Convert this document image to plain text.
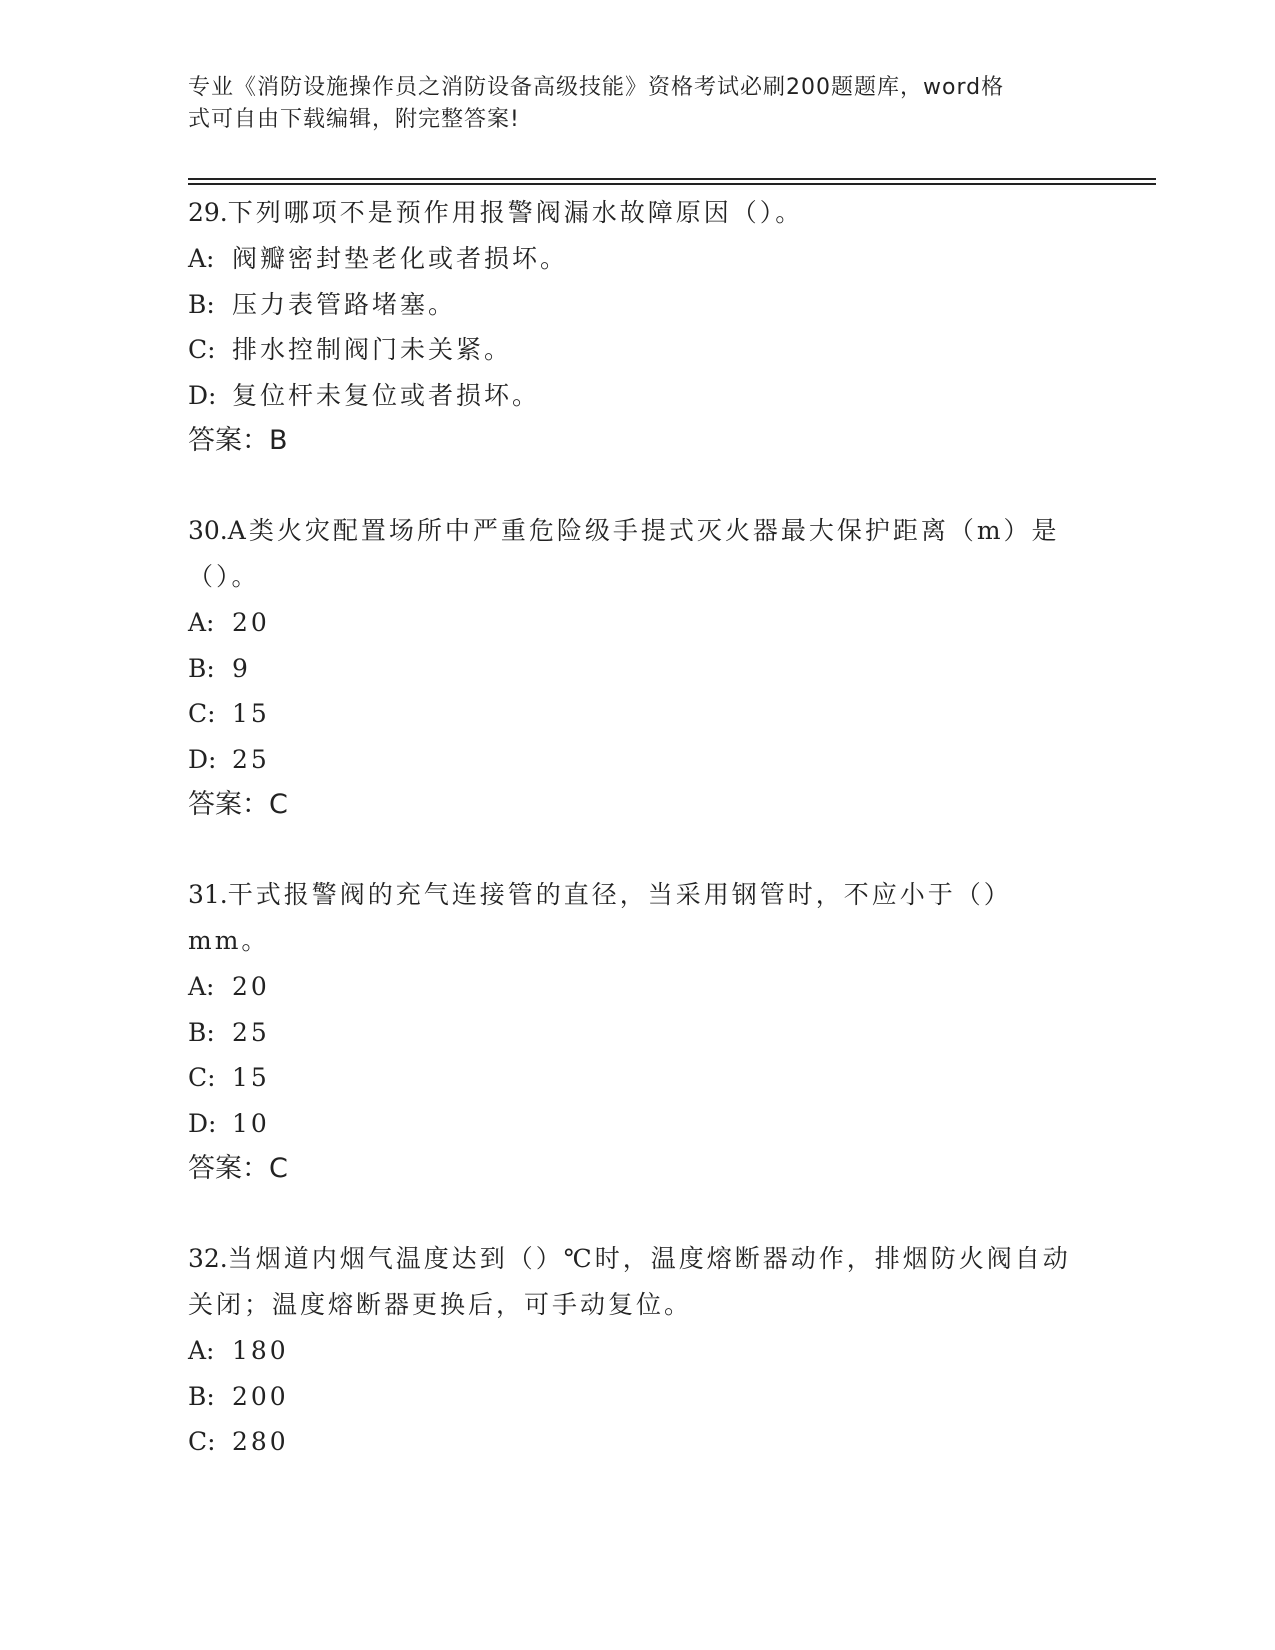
专业《消防设施操作员之消防设备高级技能》资格考试必刷200题题库，word格
式可自由下载编辑，附完整答案!
29.下列哪项不是预作用报警阀漏水故障原因（）。
A: 阀瓣密封垫老化或者损坏。
B: 压力表管路堵塞。
C: 排水控制阀门未关紧。
D: 复位杆未复位或者损坏。
答案：B
30.A类火灾配置场所中严重危险级手提式灭火器最大保护距离（m）是（）。
A: 20
B: 9
C: 15
D: 25
答案：C
31.干式报警阀的充气连接管的直径，当采用钢管时，不应小于（）mm。
A: 20
B: 25
C: 15
D: 10
答案：C
32.当烟道内烟气温度达到（）℃时，温度熔断器动作，排烟防火阀自动关闭；温度熔断器更换后，可手动复位。
A: 180
B: 200
C: 280
